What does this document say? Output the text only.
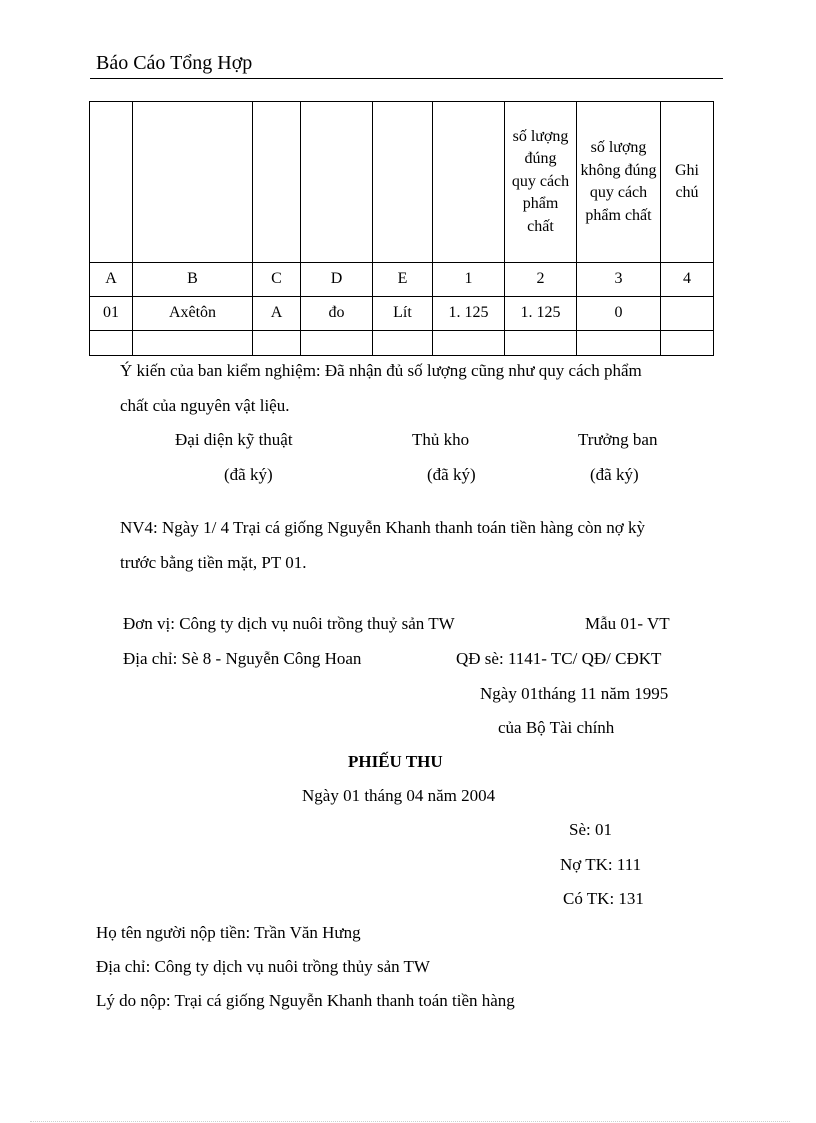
Báo Cáo Tổng Hợp

						số lượng đúng quy cách phẩm chất	số lượng không đúng quy cách phẩm chất	Ghi chú

A	B	C	D	E	1	2	3	4
01	Axêtôn	A	đo	Lít	1. 125	1. 125	0	

Ý kiến của ban kiểm nghiệm: Đã nhận đủ số lượng cũng như quy cách phẩm
chất của nguyên vật liệu.
Đại diện kỹ thuật	Thủ kho	Trưởng ban
(đã ký)	(đã ký)	(đã ký)
NV4: Ngày 1/ 4 Trại cá giống Nguyễn Khanh thanh toán tiền hàng còn nợ kỳ
trước bằng tiền mặt, PT 01.
Đơn vị: Công ty dịch vụ nuôi trồng thuỷ sản TW	Mẫu 01- VT
Địa chỉ: Sè 8 - Nguyễn Công Hoan	QĐ sè: 1141- TC/ QĐ/ CĐKT
Ngày 01tháng 11 năm 1995
của Bộ Tài chính
PHIẾU THU
Ngày 01 tháng 04 năm 2004
Sè: 01
Nợ TK: 111
Có TK: 131
Họ tên người nộp tiền: Trần Văn Hưng
Địa chỉ: Công ty dịch vụ nuôi trồng thủy sản TW
Lý do nộp: Trại cá giống Nguyễn Khanh thanh toán tiền hàng
